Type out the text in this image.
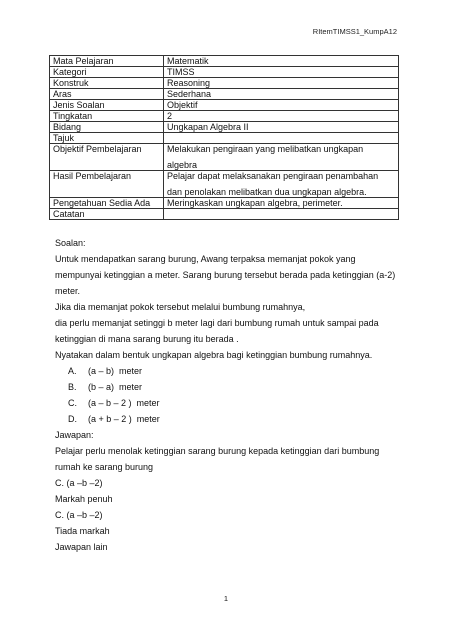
RItemTIMSS1_KumpA12
Mata Pelajaran	Matematik
Kategori	TIMSS
Konstruk	Reasoning
Aras	Sederhana
Jenis Soalan	Objektif
Tingkatan	2
Bidang	Ungkapan Algebra II
Tajuk	
Objektif Pembelajaran	Melakukan pengiraan yang melibatkan ungkapan
algebra
Hasil Pembelajaran	Pelajar dapat melaksanakan pengiraan penambahan
dan penolakan melibatkan dua ungkapan algebra.
Pengetahuan Sedia Ada	Meringkaskan ungkapan algebra, perimeter.
Catatan	

Soalan:

Untuk mendapatkan sarang burung, Awang terpaksa memanjat pokok yang mempunyai ketinggian a meter. Sarang burung tersebut berada pada ketinggian (a-2) meter.

Jika dia memanjat pokok tersebut melalui bumbung rumahnya,

dia perlu memanjat setinggi b meter lagi dari bumbung rumah untuk sampai pada ketinggian di mana sarang burung itu berada .

Nyatakan dalam bentuk ungkapan algebra bagi ketinggian bumbung rumahnya.

A. (a – b)  meter
B. (b – a)  meter
C. (a – b – 2 )  meter
D. (a + b – 2 )  meter

Jawapan:

Pelajar perlu menolak ketinggian sarang burung kepada ketinggian dari bumbung rumah ke sarang burung

C. (a –b –2)

Markah penuh

C. (a –b –2)

Tiada markah

Jawapan lain

1
